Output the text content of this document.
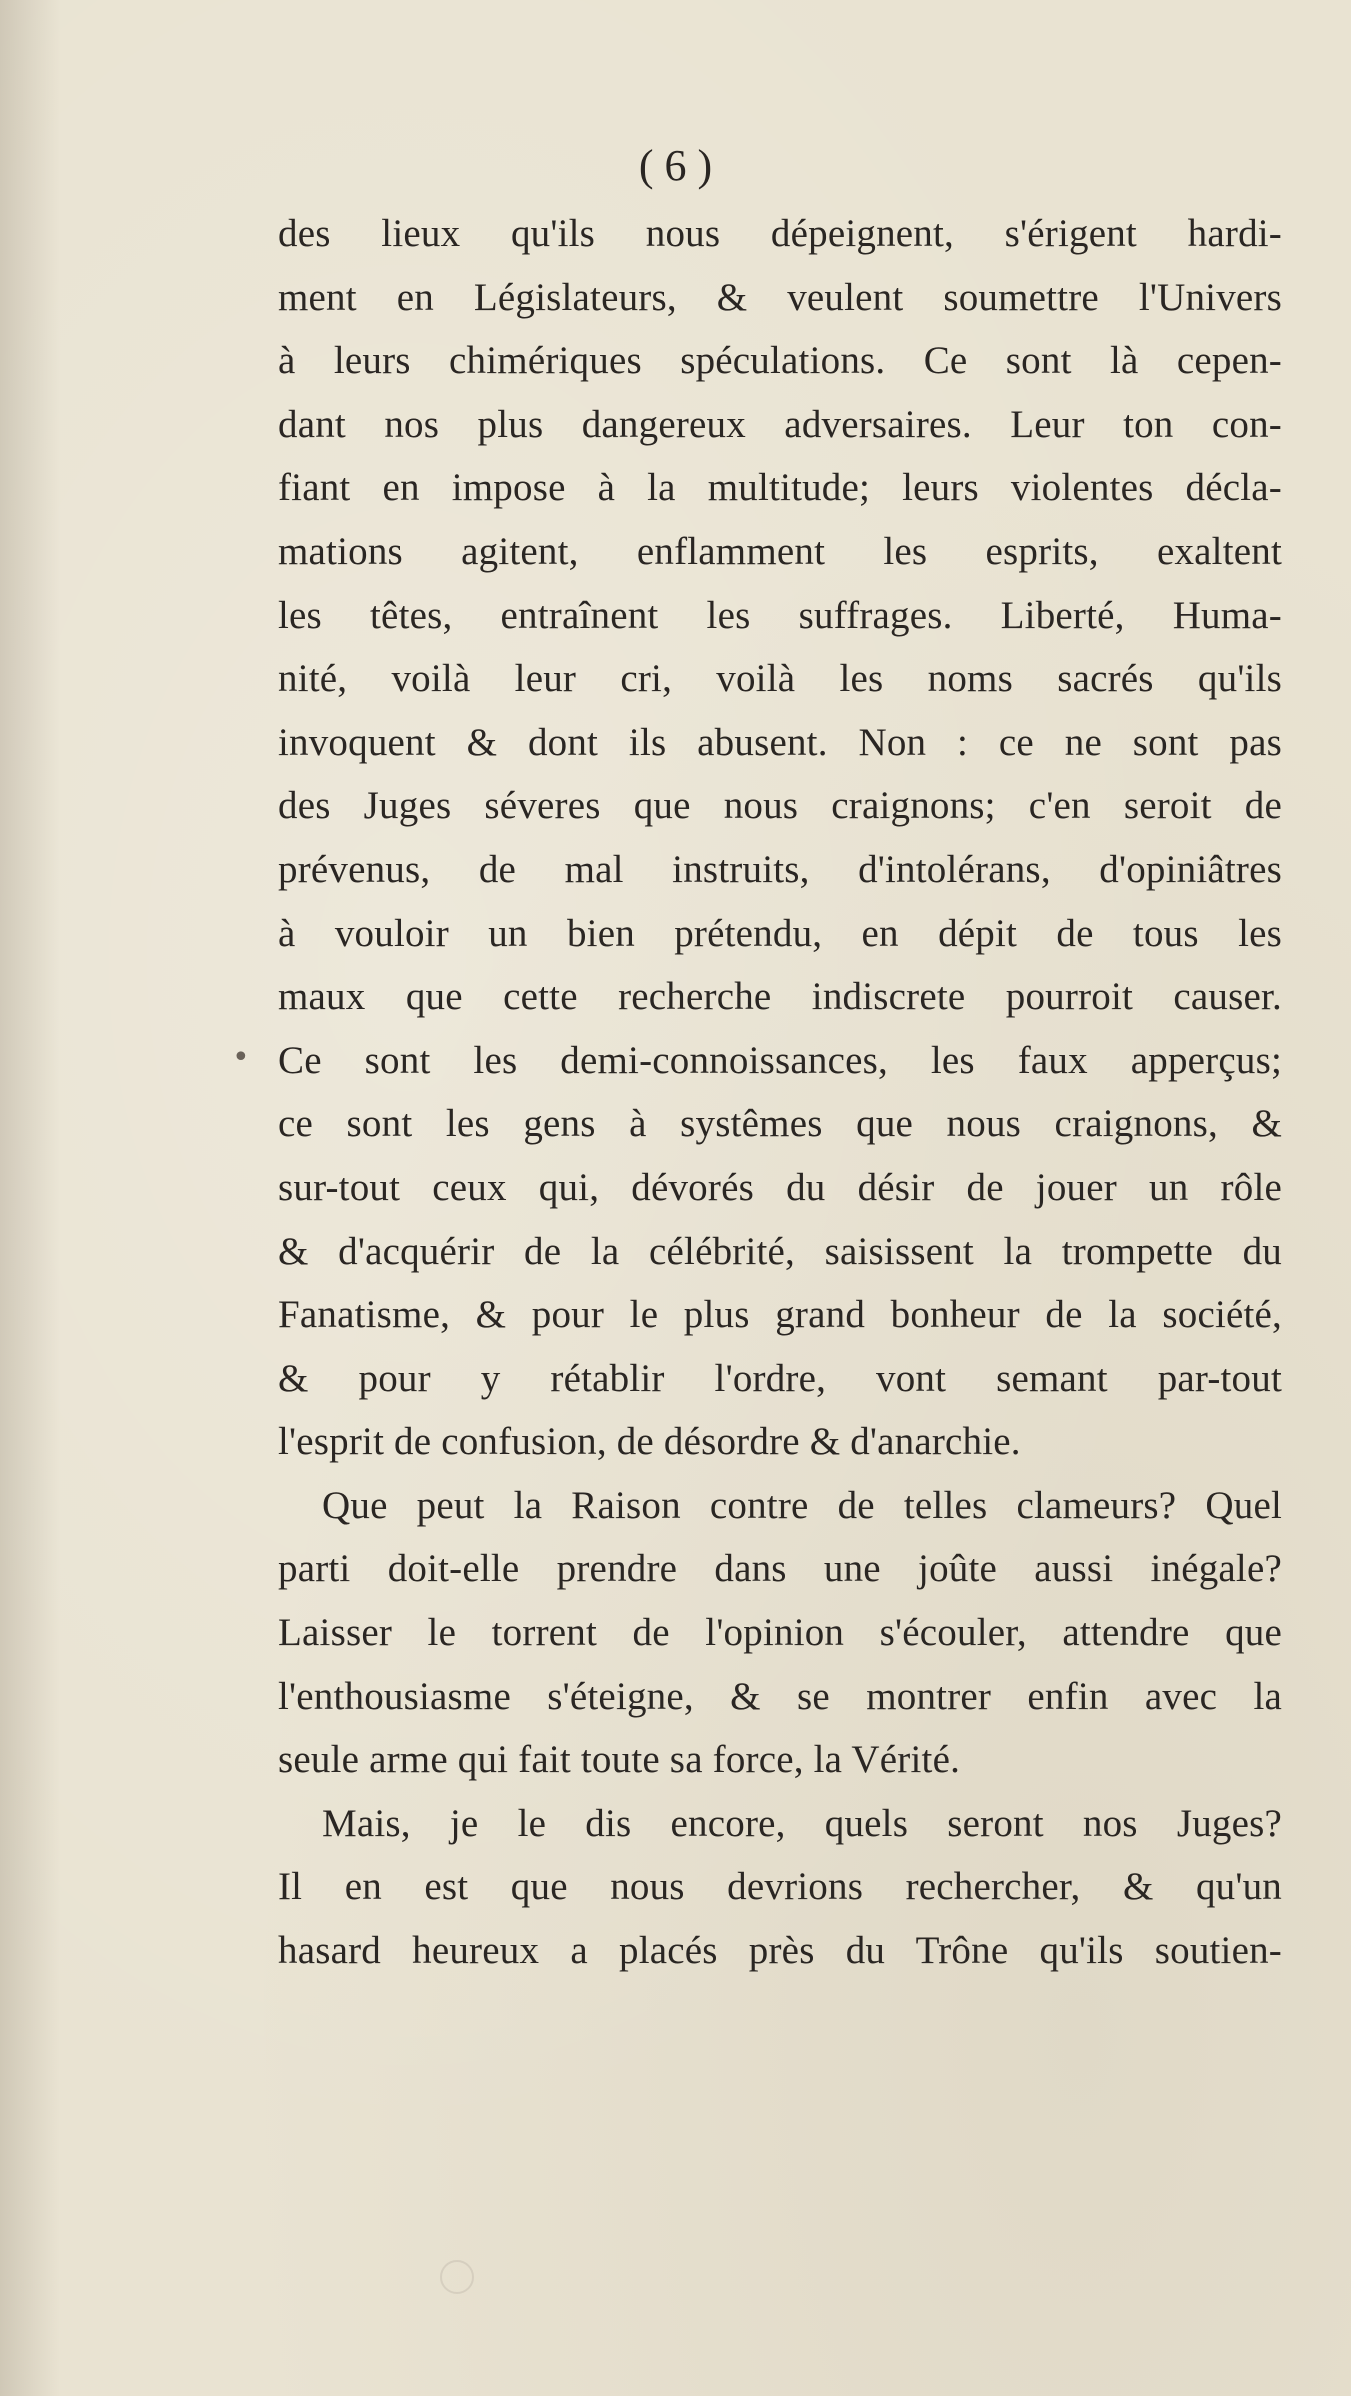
( 6 )
•
des lieux qu'ils nous dépeignent, s'érigent hardi-
ment en Législateurs, & veulent soumettre l'Univers
à leurs chimériques spéculations. Ce sont là cepen-
dant nos plus dangereux adversaires. Leur ton con-
fiant en impose à la multitude; leurs violentes décla-
mations agitent, enflamment les esprits, exaltent
les têtes, entraînent les suffrages. Liberté, Huma-
nité, voilà leur cri, voilà les noms sacrés qu'ils
invoquent & dont ils abusent. Non : ce ne sont pas
des Juges séveres que nous craignons; c'en seroit de
prévenus, de mal instruits, d'intolérans, d'opiniâtres
à vouloir un bien prétendu, en dépit de tous les
maux que cette recherche indiscrete pourroit causer.
Ce sont les demi-connoissances, les faux apperçus;
ce sont les gens à systêmes que nous craignons, &
sur-tout ceux qui, dévorés du désir de jouer un rôle
& d'acquérir de la célébrité, saisissent la trompette du
Fanatisme, & pour le plus grand bonheur de la société,
& pour y rétablir l'ordre, vont semant par-tout
l'esprit de confusion, de désordre & d'anarchie.
Que peut la Raison contre de telles clameurs? Quel
parti doit-elle prendre dans une joûte aussi inégale?
Laisser le torrent de l'opinion s'écouler, attendre que
l'enthousiasme s'éteigne, & se montrer enfin avec la
seule arme qui fait toute sa force, la Vérité.
Mais, je le dis encore, quels seront nos Juges?
Il en est que nous devrions rechercher, & qu'un
hasard heureux a placés près du Trône qu'ils soutien-
